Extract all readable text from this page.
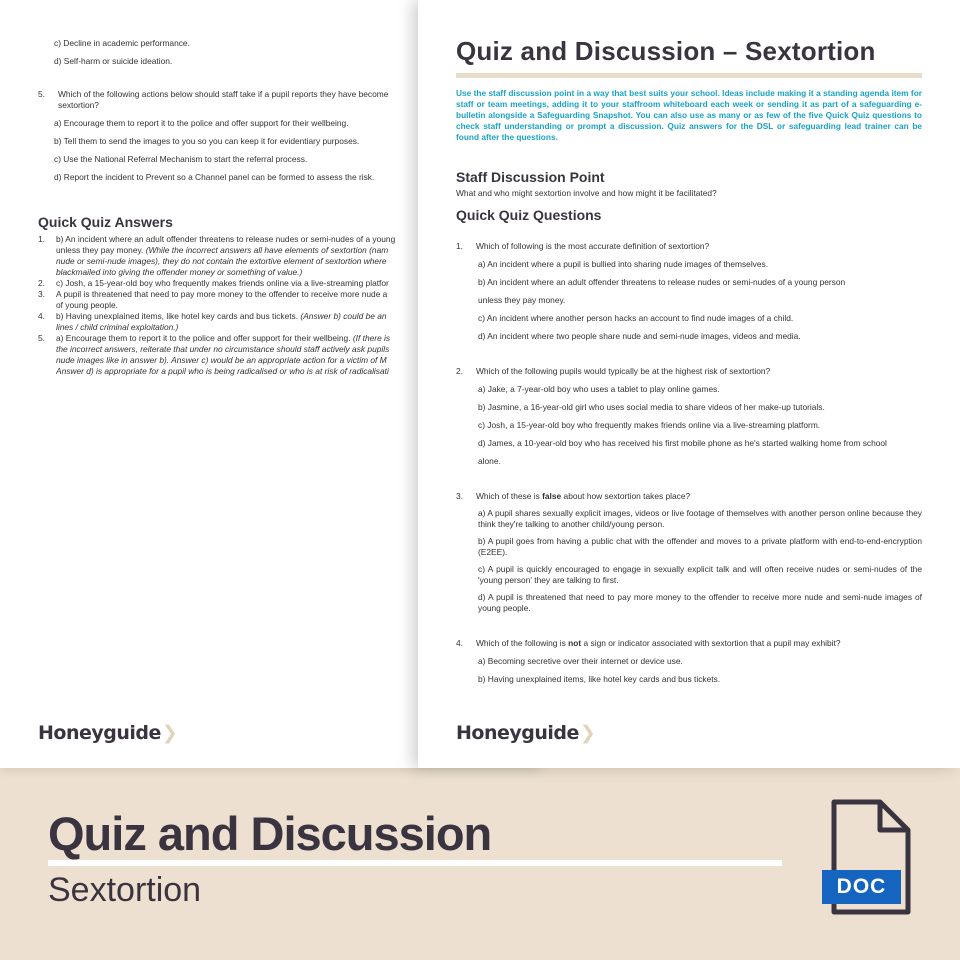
c) Decline in academic performance.
d) Self-harm or suicide ideation.
5.	Which of the following actions below should staff take if a pupil reports they have become
sextortion?
a) Encourage them to report it to the police and offer support for their wellbeing.
b) Tell them to send the images to you so you can keep it for evidentiary purposes.
c) Use the National Referral Mechanism to start the referral process.
d) Report the incident to Prevent so a Channel panel can be formed to assess the risk.
Quick Quiz Answers
1.	b) An incident where an adult offender threatens to release nudes or semi-nudes of a young
unless they pay money. (While the incorrect answers all have elements of sextortion (nam
nude or semi-nude images), they do not contain the extortive element of sextortion where
blackmailed into giving the offender money or something of value.)
2.	c) Josh, a 15-year-old boy who frequently makes friends online via a live-streaming platfor
3.	A pupil is threatened that need to pay more money to the offender to receive more nude a
of young people.
4.	b) Having unexplained items, like hotel key cards and bus tickets. (Answer b) could be an
lines / child criminal exploitation.)
5.	a) Encourage them to report it to the police and offer support for their wellbeing. (If there is
the incorrect answers, reiterate that under no circumstance should staff actively ask pupils
nude images like in answer b). Answer c) would be an appropriate action for a victim of M
Answer d) is appropriate for a pupil who is being radicalised or who is at risk of radicalisati
Honeyguide❯
Quiz and Discussion – Sextortion
Use the staff discussion point in a way that best suits your school. Ideas include making it a standing agenda item for staff or team meetings, adding it to your staffroom whiteboard each week or sending it as part of a safeguarding e-bulletin alongside a Safeguarding Snapshot. You can also use as many or as few of the five Quick Quiz questions to check staff understanding or prompt a discussion. Quiz answers for the DSL or safeguarding lead trainer can be found after the questions.
Staff Discussion Point
What and who might sextortion involve and how might it be facilitated?
Quick Quiz Questions
1.	Which of following is the most accurate definition of sextortion?
a) An incident where a pupil is bullied into sharing nude images of themselves.
b) An incident where an adult offender threatens to release nudes or semi-nudes of a young person
unless they pay money.
c) An incident where another person hacks an account to find nude images of a child.
d) An incident where two people share nude and semi-nude images, videos and media.
2.	Which of the following pupils would typically be at the highest risk of sextortion?
a) Jake, a 7-year-old boy who uses a tablet to play online games.
b) Jasmine, a 16-year-old girl who uses social media to share videos of her make-up tutorials.
c) Josh, a 15-year-old boy who frequently makes friends online via a live-streaming platform.
d) James, a 10-year-old boy who has received his first mobile phone as he's started walking home from school
alone.
3.	Which of these is false about how sextortion takes place?
a) A pupil shares sexually explicit images, videos or live footage of themselves with another person online because they think they're talking to another child/young person.
b) A pupil goes from having a public chat with the offender and moves to a private platform with end-to-end-encryption (E2EE).
c) A pupil is quickly encouraged to engage in sexually explicit talk and will often receive nudes or semi-nudes of the 'young person' they are talking to first.
d) A pupil is threatened that need to pay more money to the offender to receive more nude and semi-nude images of young people.
4.	Which of the following is not a sign or indicator associated with sextortion that a pupil may exhibit?
a) Becoming secretive over their internet or device use.
b) Having unexplained items, like hotel key cards and bus tickets.
Honeyguide❯
Quiz and Discussion
Sextortion	DOC
